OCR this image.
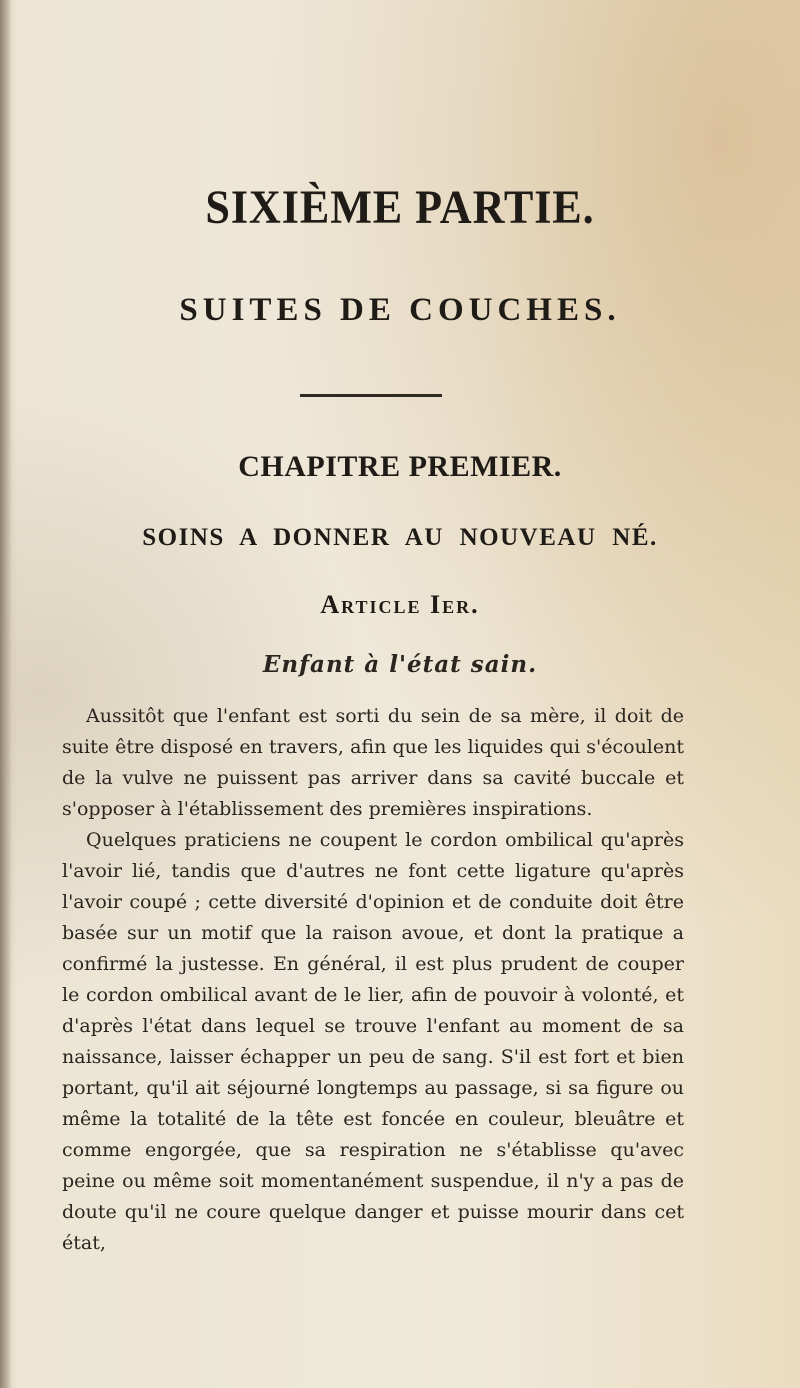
SIXIÈME PARTIE.
SUITES DE COUCHES.
CHAPITRE PREMIER.
SOINS A DONNER AU NOUVEAU NÉ.
Article Ier.
Enfant à l'état sain.

Aussitôt que l'enfant est sorti du sein de sa mère, il doit de suite être disposé en travers, afin que les liquides qui s'écoulent de la vulve ne puissent pas arriver dans sa cavité buccale et s'opposer à l'établissement des premières inspirations.

Quelques praticiens ne coupent le cordon ombilical qu'après l'avoir lié, tandis que d'autres ne font cette ligature qu'après l'avoir coupé ; cette diversité d'opinion et de conduite doit être basée sur un motif que la raison avoue, et dont la pratique a confirmé la justesse. En général, il est plus prudent de couper le cordon ombilical avant de le lier, afin de pouvoir à volonté, et d'après l'état dans lequel se trouve l'enfant au moment de sa naissance, laisser échapper un peu de sang. S'il est fort et bien portant, qu'il ait séjourné longtemps au passage, si sa figure ou même la totalité de la tête est foncée en couleur, bleuâtre et comme engorgée, que sa respiration ne s'établisse qu'avec peine ou même soit momentanément suspendue, il n'y a pas de doute qu'il ne coure quelque danger et puisse mourir dans cet état,
